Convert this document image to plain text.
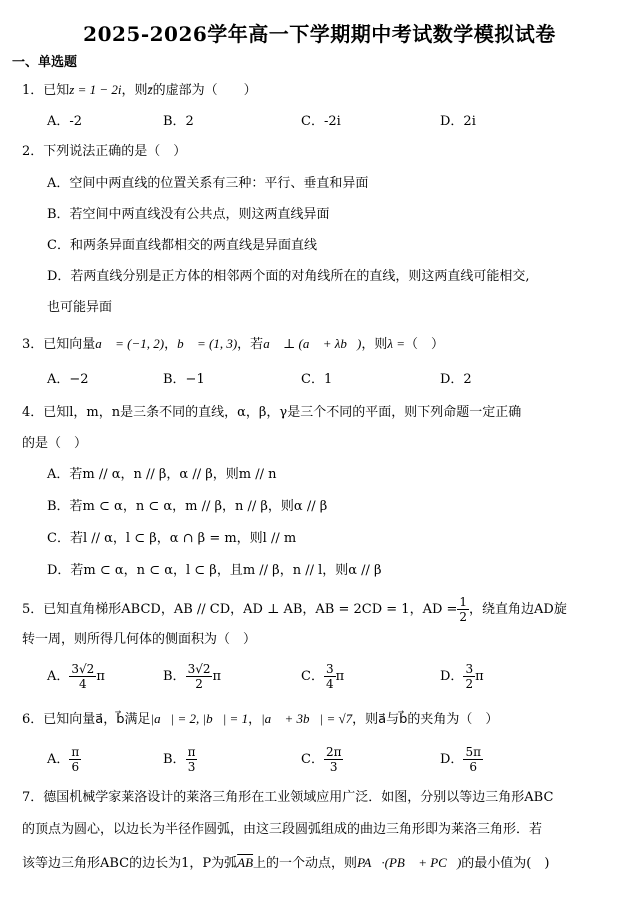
2025-2026学年高一下学期期中考试数学模拟试卷
一、单选题
1．已知z = 1 − 2i，则z̄的虚部为（　　）
A．-2	B．2	C．-2i	D．2i
2．下列说法正确的是（　）
A．空间中两直线的位置关系有三种：平行、垂直和异面
B．若空间中两直线没有公共点，则这两直线异面
C．和两条异面直线都相交的两直线是异面直线
D．若两直线分别是正方体的相邻两个面的对角线所在的直线，则这两直线可能相交,
也可能异面
3．已知向量a⃗ = (−1, 2)，b⃗ = (1, 3)，若a⃗ ⊥ (a⃗ + λb⃗)，则λ =（　）
A．−2	B．−1	C．1	D．2
4．已知l，m，n是三条不同的直线，α，β，γ是三个不同的平面，则下列命题一定正确
的是（　）
A．若m // α，n // β，α // β，则m // n
B．若m ⊂ α，n ⊂ α，m // β，n // β，则α // β
C．若l // α，l ⊂ β，α ∩ β = m，则l // m
D．若m ⊂ α，n ⊂ α，l ⊂ β，且m // β，n // l，则α // β
5．已知直角梯形ABCD，AB // CD，AD ⊥ AB，AB = 2CD = 1，AD = $\frac{1}{2}$ ，绕直角边AD旋
转一周，则所得几何体的侧面积为（　）
A． $\frac{3√2}{4}$ π	B． $\frac{3√2}{2}$ π	C． $\frac{3}{4}$ π	D． $\frac{3}{2}$ π
6．已知向量a⃗，b⃗满足|a⃗| = 2, |b⃗| = 1，|a⃗ + 3b⃗| = √7，则a⃗与b⃗的夹角为（　）
A． $\frac{\pi}{6}$	B． $\frac{\pi}{3}$	C． $\frac{2\pi}{3}$	D． $\frac{5\pi}{6}$
7．德国机械学家莱洛设计的莱洛三角形在工业领域应用广泛．如图，分别以等边三角形ABC
的顶点为圆心，以边长为半径作圆弧，由这三段圆弧组成的曲边三角形即为莱洛三角形．若
该等边三角形ABC的边长为1，P为弧$\overline{AB}$上的一个动点，则PA⃗·(PB⃗ + PC⃗)的最小值为(　)
